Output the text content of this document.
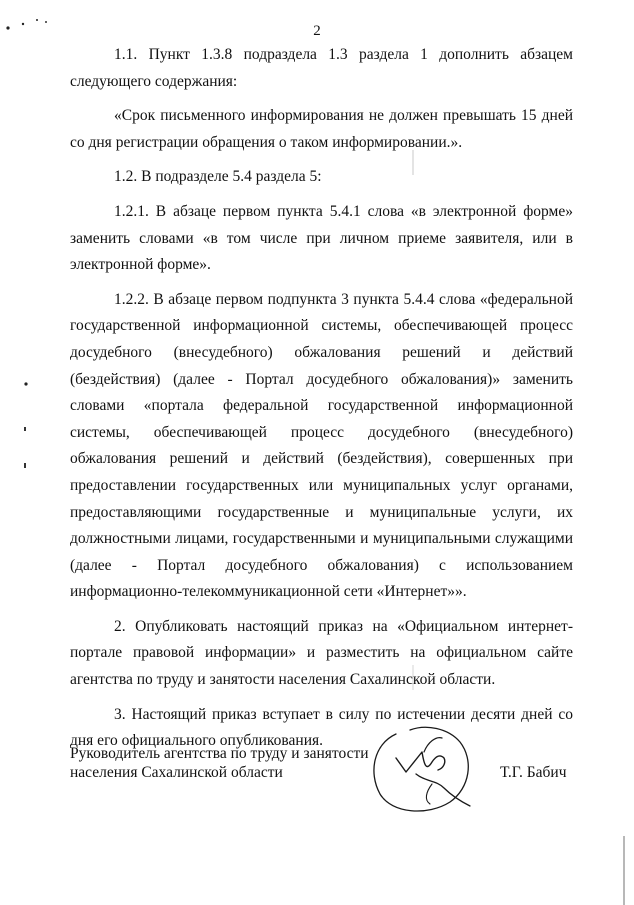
2

1.1. Пункт 1.3.8 подраздела 1.3 раздела 1 дополнить абзацем следующего содержания:

«Срок письменного информирования не должен превышать 15 дней со дня регистрации обращения о таком информировании.».

1.2. В подразделе 5.4 раздела 5:

1.2.1. В абзаце первом пункта 5.4.1 слова «в электронной форме» заменить словами «в том числе при личном приеме заявителя, или в электронной форме».

1.2.2. В абзаце первом подпункта 3 пункта 5.4.4 слова «федеральной государственной информационной системы, обеспечивающей процесс досудебного (внесудебного) обжалования решений и действий (бездействия) (далее - Портал досудебного обжалования)» заменить словами «портала федеральной государственной информационной системы, обеспечивающей процесс досудебного (внесудебного) обжалования решений и действий (бездействия), совершенных при предоставлении государственных или муниципальных услуг органами, предоставляющими государственные и муниципальные услуги, их должностными лицами, государственными и муниципальными служащими (далее - Портал досудебного обжалования) с использованием информационно-телекоммуникационной сети «Интернет»».

2. Опубликовать настоящий приказ на «Официальном интернет-портале правовой информации» и разместить на официальном сайте агентства по труду и занятости населения Сахалинской области.

3. Настоящий приказ вступает в силу по истечении десяти дней со дня его официального опубликования.

Руководитель агентства по труду и занятости
населения Сахалинской области	Т.Г. Бабич
